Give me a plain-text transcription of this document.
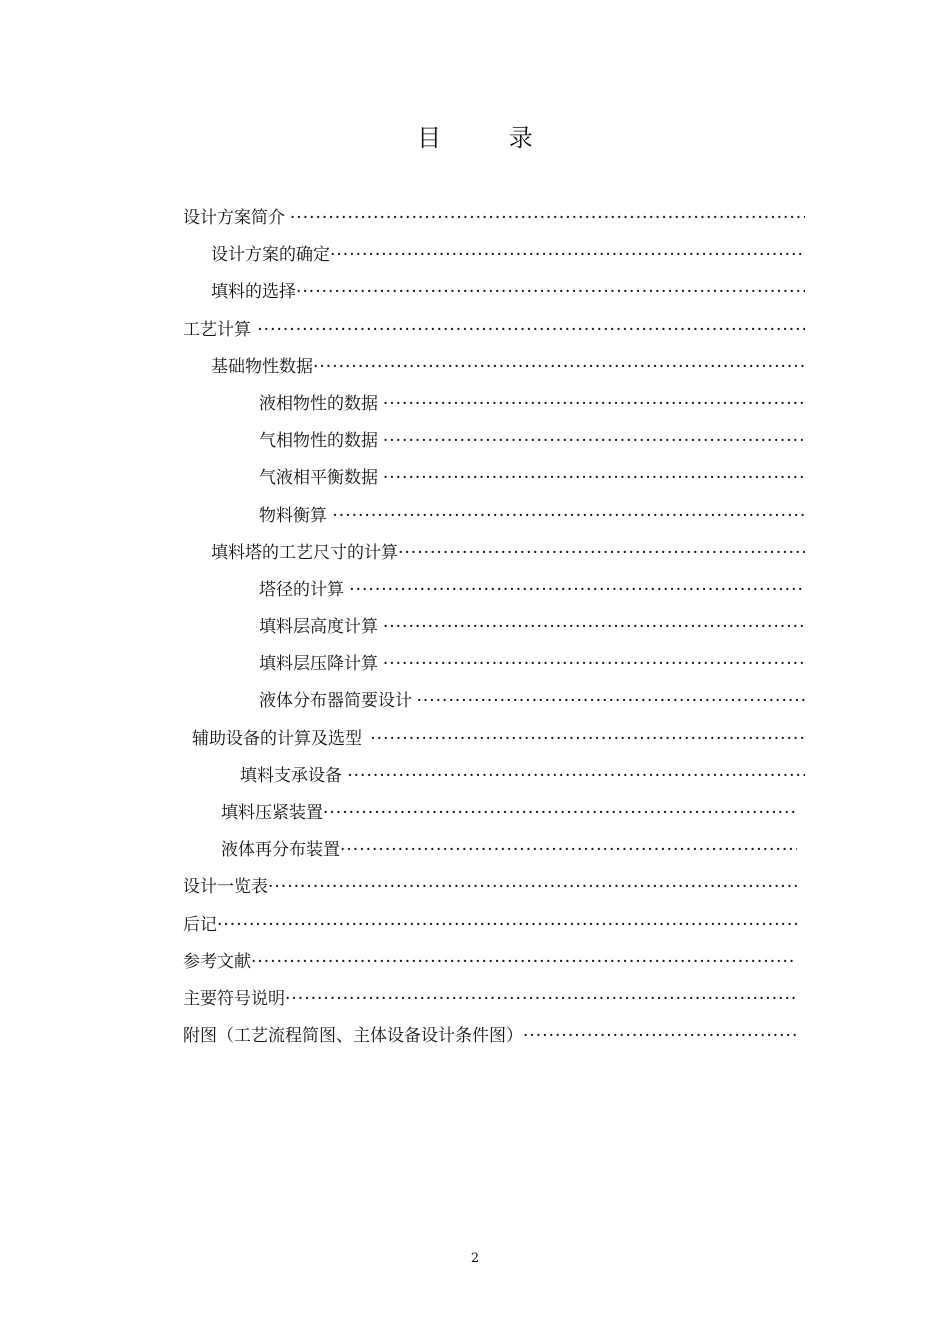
目 录
设计方案简介
·····
设计方案的确定
·····
填料的选择
·····
工艺计算
·····
基础物性数据
·····
液相物性的数据
·····
气相物性的数据
·····
气液相平衡数据
·····
物料衡算
·····
填料塔的工艺尺寸的计算
·····
塔径的计算
·····
填料层高度计算
·····
填料层压降计算
·····
液体分布器简要设计
·····
辅助设备的计算及选型
·····
填料支承设备
·····
填料压紧装置
·····
液体再分布装置
·····
设计一览表
·····
后记
·····
参考文献
·····
主要符号说明
·····
附图（工艺流程简图、主体设备设计条件图）
·····
2
